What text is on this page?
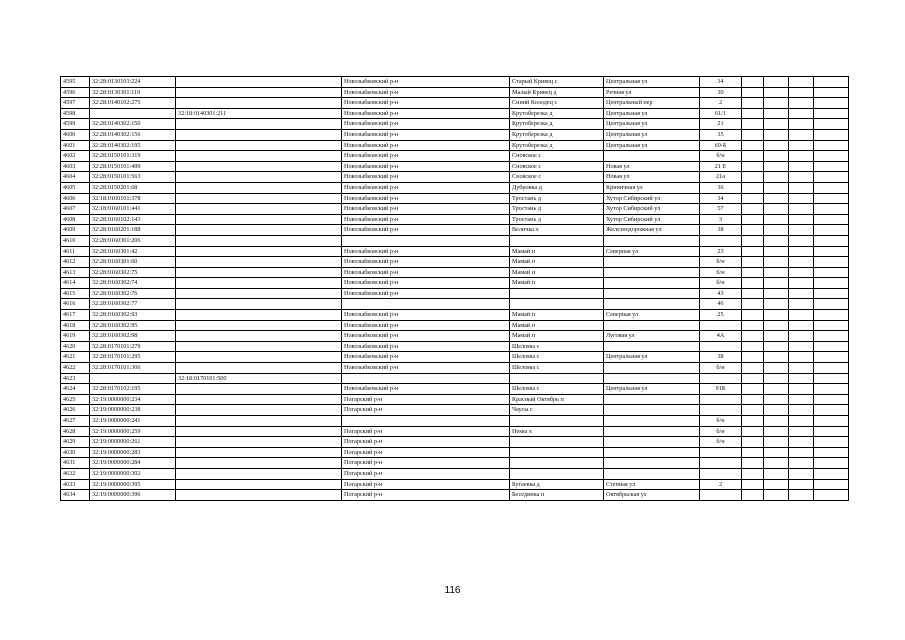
4595	32:28:0130103:224		Новозыбковский р-н	Старый Кривец с	Центральная ул	34				
4596	32:28:0130301:119		Новозыбковский р-н	Малый Кривец д	Речная ул	30				
4597	32:28:0140102:275		Новозыбковский р-н	Синий Колодец с	Центральный пер	2				
4598		32:18:0140301:211	Новозыбковский р-н	Крутоберезка д	Центральная ул	61/1				
4599	32:28:0140302:150		Новозыбковский р-н	Крутоберезка д	Центральная ул	21				
4600	32:28:0140302:156		Новозыбковский р-н	Крутоберезка д	Центральная ул	35				
4601	32:28:0140302:195		Новозыбковский р-н	Крутоберезка д	Центральная ул	69-Б				
4602	32:28:0150101:319		Новозыбковский р-н	Сновское с		б/н				
4603	32:28:0150101:499		Новозыбковский р-н	Сновское с	Новая ул	21 Е				
4604	32:28:0150101:563		Новозыбковский р-н	Сновское с	Новая ул	21а				
4605	32:28:0150201:68		Новозыбковский р-н	Дубровка д	Криничная ул	36				
4606	32:18:0160101:378		Новозыбковский р-н	Тростань д	Хутор Сибирский ул	34				
4607	32:18:0160101:441		Новозыбковский р-н	Тростань д	Хутор Сибирский ул	57				
4608	32:28:0160102:143		Новозыбковский р-н	Тростань д	Хутор Сибирский ул	3				
4609	32:28:0160201:188		Новозыбковский р-н	Величка х	Железнодорожная ул	38				
4610	32:28:0160301:206									
4611	32:28:0160301:42		Новозыбковский р-н	Мамай п	Северная ул	23				
4612	32:28:0160301:60		Новозыбковский р-н	Мамай п		б/н				
4613	32:28:0160302:75		Новозыбковский р-н	Мамай п		б/н				
4614	32:28:0160302:74		Новозыбковский р-н	Мамай п		б/н				
4615	32:28:0160302:76		Новозыбковский р-н			43				
4616	32:28:0160302:77					46				
4617	32:28:0160302:93		Новозыбковский р-н	Мамай п	Северная ул	25				
4618	32:28:0160302:95		Новозыбковский р-н	Мамай п						
4619	32:28:0160302:98		Новозыбковский р-н	Мамай п	Луговая ул	4А				
4620	32:28:0170101:279		Новозыбковский р-н	Шеломы с						
4621	32:28:0170101:295		Новозыбковский р-н	Шеломы с	Центральная ул	38				
4622	32:28:0170101:306		Новозыбковский р-н	Шеломы с		б/н				
4623		32:18:0170101:500								
4624	32:28:0170102:195		Новозыбковский р-н	Шеломы с	Центральная ул	91Б				
4625	32:19:0000000:234		Погарский р-н	Красный Октябрь п						
4626	32:19:0000000:238		Погарский р-н	Чаусы с						
4627	32:19:0000000:241					б/н				
4628	32:19:0000000:259		Погарский р-н	Немы х		б/н				
4629	32:19:0000000:261		Погарский р-н			б/н				
4630	32:19:0000000:283		Погарский р-н							
4631	32:19:0000000:284		Погарский р-н							
4632	32:19:0000000:302		Погарский р-н							
4633	32:19:0000000:395		Погарский р-н	Бугаевка д	Степная ул	2				
4634	32:19:0000000:396		Погарский р-н	Бесединка п	Октябрьская ул					
116
